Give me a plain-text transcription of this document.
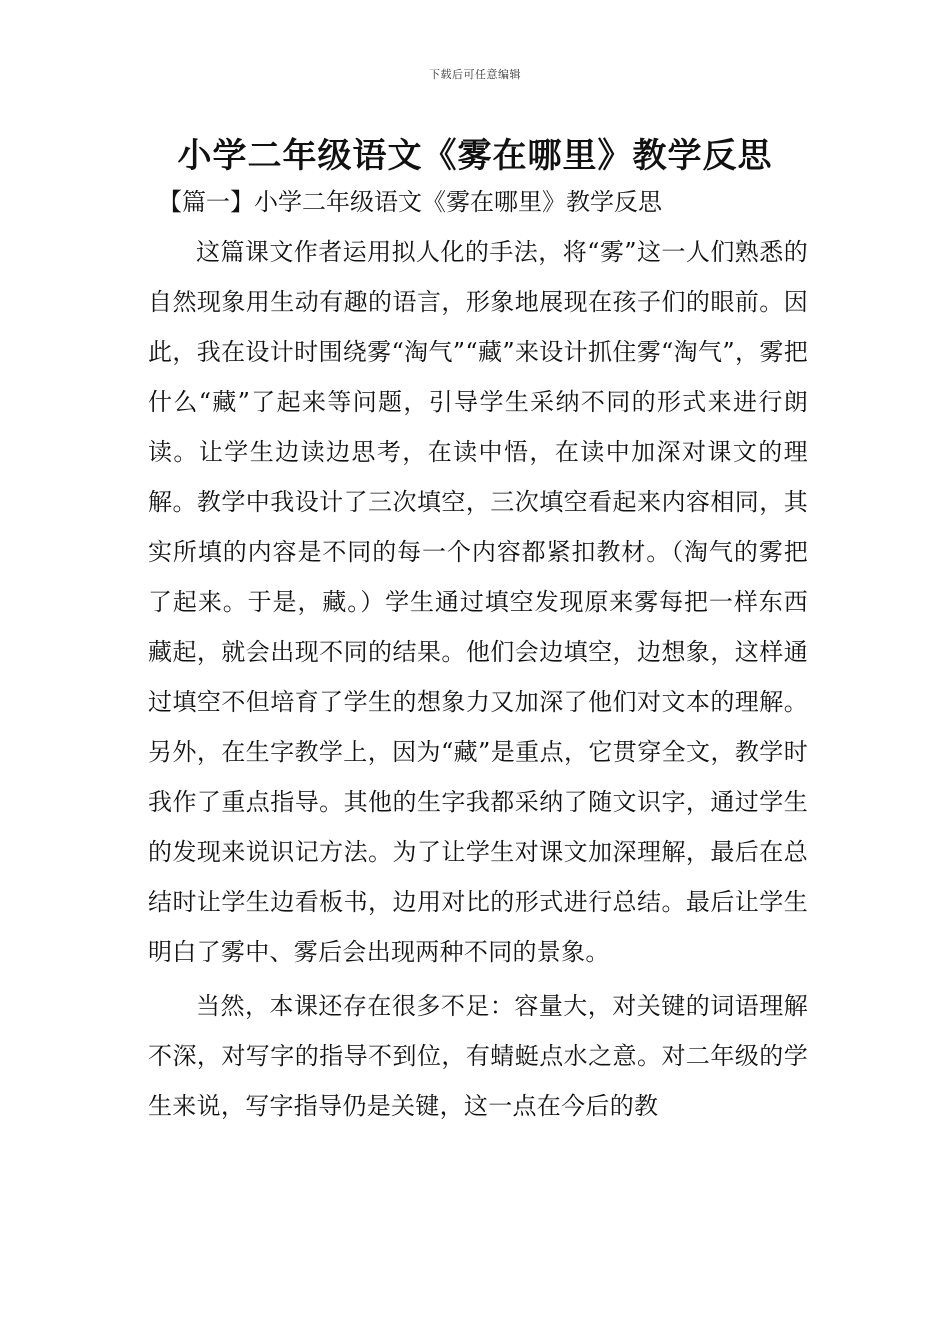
下载后可任意编辑
小学二年级语文《雾在哪里》教学反思
【篇一】小学二年级语文《雾在哪里》教学反思

这篇课文作者运用拟人化的手法，将“雾”这一人们熟悉的自然现象用生动有趣的语言，形象地展现在孩子们的眼前。因此，我在设计时围绕雾“淘气”“藏”来设计抓住雾“淘气”，雾把什么“藏”了起来等问题，引导学生采纳不同的形式来进行朗读。让学生边读边思考，在读中悟，在读中加深对课文的理解。教学中我设计了三次填空，三次填空看起来内容相同，其实所填的内容是不同的每一个内容都紧扣教材。（淘气的雾把了起来。于是，藏。）学生通过填空发现原来雾每把一样东西藏起，就会出现不同的结果。他们会边填空，边想象，这样通过填空不但培育了学生的想象力又加深了他们对文本的理解。另外，在生字教学上，因为“藏”是重点，它贯穿全文，教学时我作了重点指导。其他的生字我都采纳了随文识字，通过学生的发现来说识记方法。为了让学生对课文加深理解，最后在总结时让学生边看板书，边用对比的形式进行总结。最后让学生明白了雾中、雾后会出现两种不同的景象。

当然，本课还存在很多不足：容量大，对关键的词语理解不深，对写字的指导不到位，有蜻蜓点水之意。对二年级的学生来说，写字指导仍是关键，这一点在今后的教
